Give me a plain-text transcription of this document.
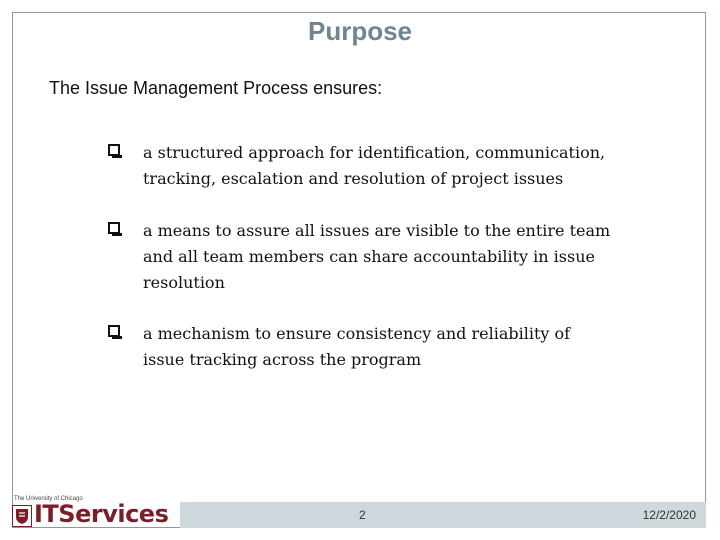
Purpose
The Issue Management Process ensures:
a structured approach for identification, communication, tracking, escalation and resolution of project issues
a means to assure all issues are visible to the entire team and all team members can share accountability in issue resolution
a mechanism to ensure consistency and reliability of issue tracking across the program
2	12/2/2020
The University of Chicago
ITServices
